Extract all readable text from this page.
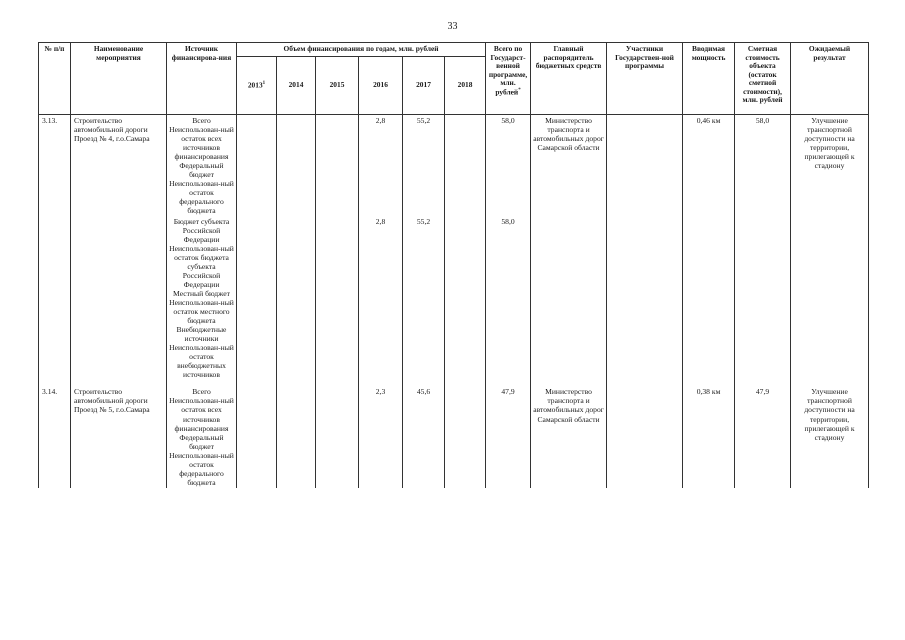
33
№ п/п	Наименование мероприятия	Источник финансирова-ния	Объем финансирования по годам, млн. рублей						Всего по Государст-венной программе, млн. рублей*	Главный распорядитель бюджетных средств	Участники Государствен-ной программы	Вводимая мощность	Сметная стоимость объекта (остаток сметной стоимости), млн. рублей	Ожидаемый результат
			2013$^1$	2014	2015	2016	2017	2018						
3.13.	Строительство автомобильной дороги Проезд № 4, г.о.Самара	Всего Неиспользован-ный остаток всех источников финансирования Федеральный бюджет Неиспользован-ный остаток федерального бюджета				2,8	55,2		58,0	Министерство транспорта и автомобильных дорог Самарской области		0,46 км	58,0	Улучшение транспортной доступности на территории, прилегающей к стадиону
		Бюджет субъекта Российской Федерации Неиспользован-ный остаток бюджета субъекта Российской Федерации Местный бюджет Неиспользован-ный остаток местного бюджета Внебюджетные источники Неиспользован-ный остаток внебюджетных источников				2,8	55,2		58,0					

3.14.	Строительство автомобильной дороги Проезд № 5, г.о.Самара	Всего Неиспользован-ный остаток всех источников финансирования Федеральный бюджет Неиспользован-ный остаток федерального бюджета				2,3	45,6		47,9	Министерство транспорта и автомобильных дорог Самарской области		0,38 км	47,9	Улучшение транспортной доступности на территории, прилегающей к стадиону
